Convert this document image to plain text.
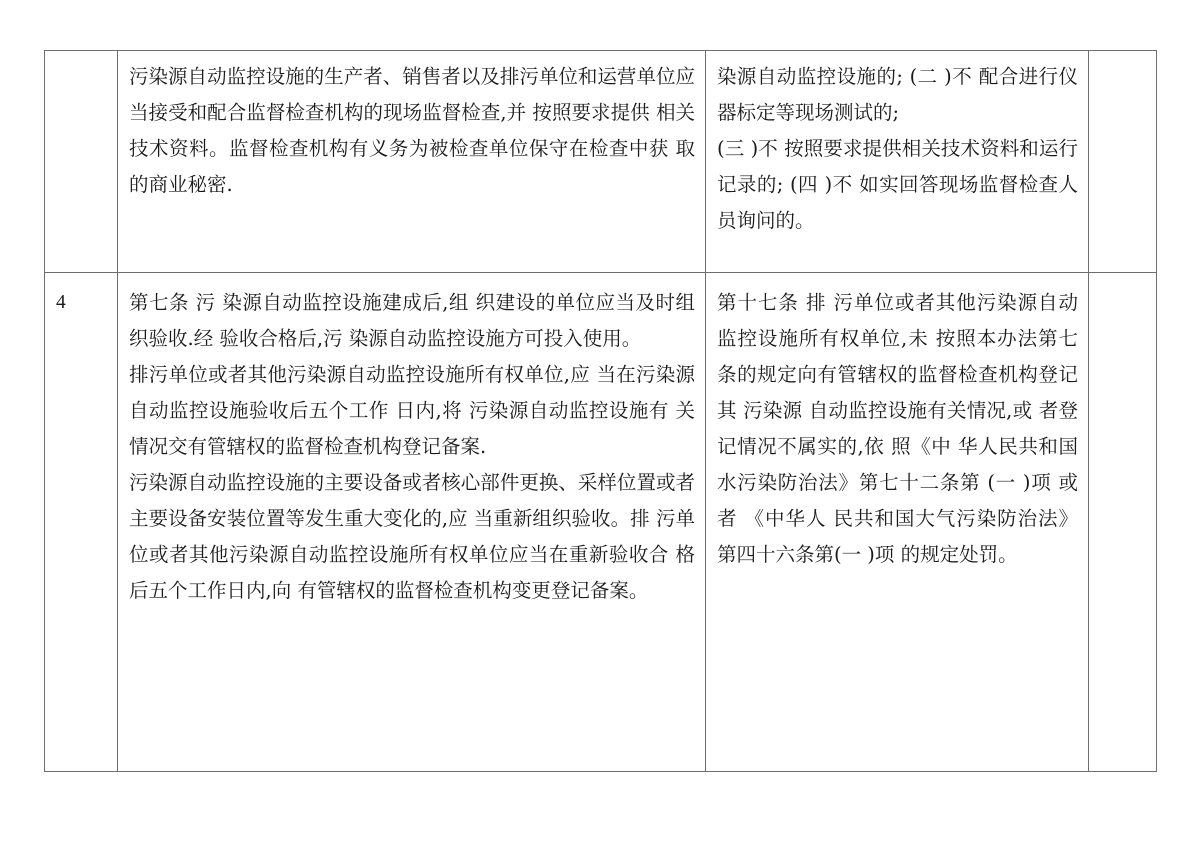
	污染源自动监控设施的生产者、销售者以及排污单位和运营单位应当接受和配合监督检查机构的现场监督检查,并 按照要求提供 相关技术资料。监督检查机构有义务为被检查单位保守在检查中获 取的商业秘密.	染源自动监控设施的; (二 )不 配合进行仪器标定等现场测试的;
(三 )不 按照要求提供相关技术资料和运行记录的; (四 )不 如实回答现场监督检查人员询问的。	

4	第七条 污 染源自动监控设施建成后,组 织建设的单位应当及时组织验收.经 验收合格后,污 染源自动监控设施方可投入使用。
排污单位或者其他污染源自动监控设施所有权单位,应 当在污染源自动监控设施验收后五个工作 日内,将 污染源自动监控设施有 关情况交有管辖权的监督检查机构登记备案.
污染源自动监控设施的主要设备或者核心部件更换、采样位置或者主要设备安装位置等发生重大变化的,应 当重新组织验收。排 污单位或者其他污染源自动监控设施所有权单位应当在重新验收合 格后五个工作日内,向 有管辖权的监督检查机构变更登记备案。	第十七条 排 污单位或者其他污染源自动监控设施所有权单位,未 按照本办法第七条的规定向有管辖权的监督检查机构登记其 污染源 自动监控设施有关情况,或 者登记情况不属实的,依 照《中 华人民共和国水污染防治法》第七十二条第 (一 )项 或者 《中华人 民共和国大气污染防治法》第四十六条第(一 )项 的规定处罚。	
